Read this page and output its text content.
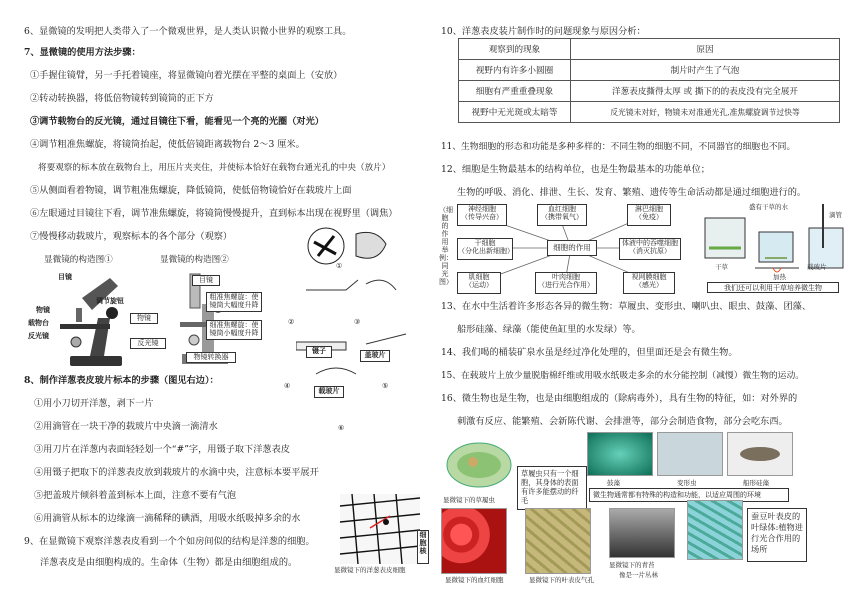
6、显微镜的发明把人类带入了一个微观世界，是人类认识微小世界的观察工具。
7、显微镜的使用方法步骤：
①手握住镜臂，另一手托着镜座，将显微镜向着光摆在平整的桌面上（安放）
②转动转换器，将低倍物镜转到镜筒的正下方
③调节载物台的反光镜，通过目镜往下看，能看见一个亮的光圈（对光）
④调节粗准焦螺旋，将镜筒抬起，使低倍镜距离载物台 2～3 厘米。
将要观察的标本放在载物台上，用压片夹夹住，并使标本恰好在载物台通光孔的中央（放片）
⑤从侧面看着物镜，调节粗准焦螺旋，降低镜筒，使低倍物镜恰好在载玻片上面
⑥左眼通过目镜往下看，调节准焦螺旋，将镜筒慢慢提升，直到标本出现在视野里（调焦）
⑦慢慢移动载玻片，观察标本的各个部分（观察）
显微镜的构造图①	显微镜的构造图②
目镜
物镜
载物台
反光镜
调节旋钮
目镜
物镜
反光镜
物镜转换器
粗准焦螺旋：使镜筒大幅度升降
细准焦螺旋：使镜筒小幅度升降
①
②	③
④	⑤
⑥
镊子	盖玻片
载玻片
8、制作洋葱表皮玻片标本的步骤（图见右边）：
①用小刀切开洋葱，剥下一片
②用滴管在一块干净的载玻片中央滴一滴清水
③用刀片在洋葱内表面轻轻划一个“#”字，用镊子取下洋葱表皮
④用镊子把取下的洋葱表皮放到载玻片的水滴中央，注意标本要平展开
⑤把盖玻片倾斜着盖到标本上面，注意不要有气泡
⑥用滴管从标本的边缘滴一滴稀释的碘酒，用吸水纸吸掉多余的水
9、在显微镜下观察洋葱表皮看到一个个如房间似的结构是洋葱的细胞。
洋葱表皮是由细胞构成的。生命体（生物）都是由细胞组成的。
细胞核
显微镜下的洋葱表皮细胞
10、洋葱表皮装片制作时的问题现象与原因分析：
观察到的现象	原因
视野内有许多小圆圈	制片时产生了气泡
细胞有严重重叠现象	洋葱表皮撕得太厚 或 撕下的的表皮没有完全展开
视野中无光斑或太暗等	反光镜未对好，物镜未对准通光孔,准焦螺旋调节过快等
11、生物细胞的形态和功能是多种多样的：不同生物的细胞不同，不同器官的细胞也不同。
12、细胞是生物最基本的结构单位，也是生物最基本的功能单位；
生物的呼吸、消化、排泄、生长、发育、繁殖、遗传等生命活动都是通过细胞进行的。
（细胞的作用举例：同光图）
细胞的作用
神经细胞
（传导兴奋）
血红细胞
（携带氧气）
淋巴细胞
（免疫）
干细胞
（分化出新细胞）
体液中的吞噬细胞
（消灭抗原）
肌细胞
（运动）
叶肉细胞
（进行光合作用）
视网膜细胞
（感光）
盛有干草的水
滴管
加热
干草	载玻片
我们还可以利用干草培养微生物
13、在水中生活着许多形态各异的微生物：草履虫、变形虫、喇叭虫、眼虫、鼓藻、团藻、
船形硅藻、绿藻（能使鱼缸里的水发绿）等。
14、我们喝的桶装矿泉水虽是经过净化处理的，但里面还是会有微生物。
15、在载玻片上放少量脱脂棉纤维或用吸水纸吸走多余的水分能控制（减慢）微生物的运动。
16、微生物也是生物，也是由细胞组成的（除病毒外），具有生物的特征，如：对外界的
刺激有反应、能繁殖、会新陈代谢、会排泄等，部分会制造食物，部分会吃东西。
显微镜下的草履虫
草履虫只有一个细胞，其身体的表面有许多能摆动的纤毛
鼓藻	变形虫	船形硅藻
微生物通常都有特殊的构造和功能，以适应周围的环境
蚕豆叶表皮的叶绿体:植物进行光合作用的场所
显微镜下的血红细胞	显微镜下的叶表皮气孔
显微镜下的青苔
像是一片丛林
